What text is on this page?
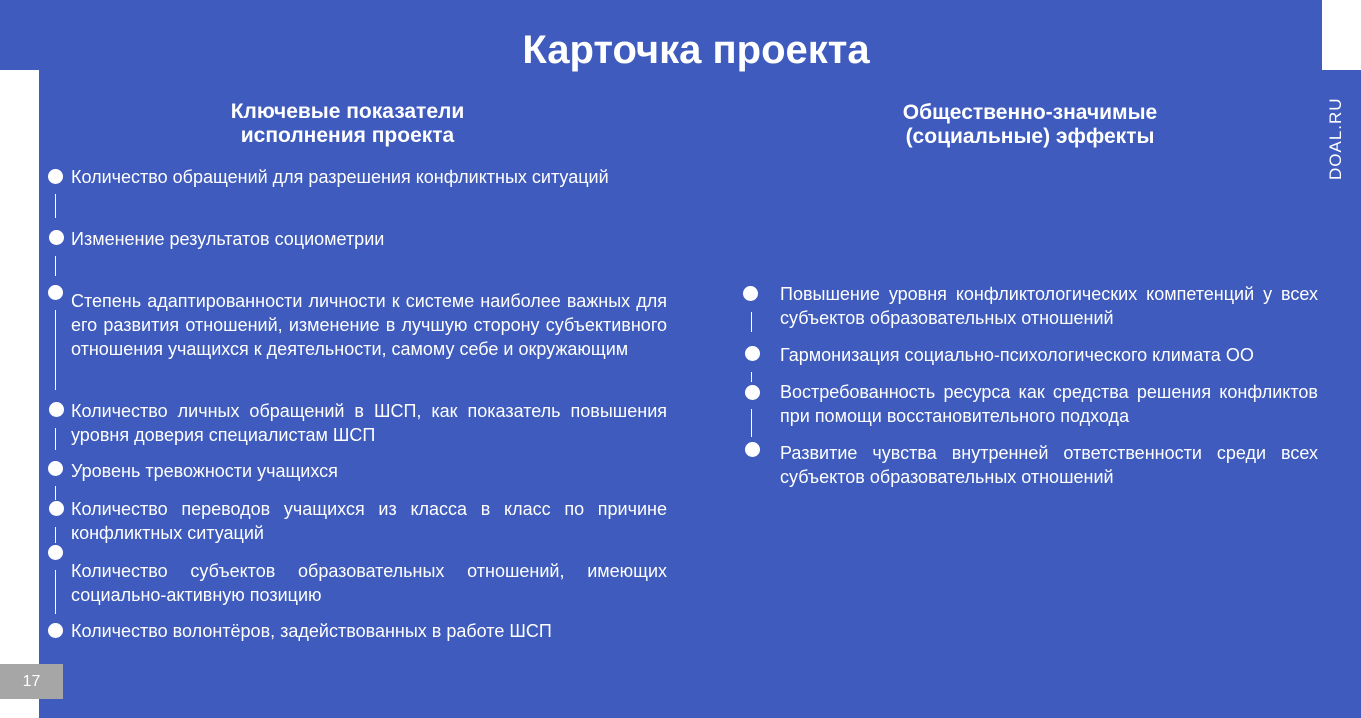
Карточка проекта
DOAL.RU
Ключевые показатели исполнения проекта
Количество обращений для разрешения конфликтных ситуаций
Изменение результатов социометрии
Степень адаптированности личности к системе наиболее важных для его развития отношений, изменение в лучшую сторону субъективного отношения учащихся к деятельности, самому себе и окружающим
Количество личных обращений в ШСП, как показатель повышения уровня доверия специалистам ШСП
Уровень тревожности учащихся
Количество переводов учащихся из класса в класс по причине конфликтных ситуаций
Количество субъектов образовательных отношений, имеющих социально-активную позицию
Количество волонтёров, задействованных в работе ШСП
Общественно-значимые (социальные) эффекты
Повышение уровня конфликтологических компетенций у всех субъектов образовательных отношений
Гармонизация социально-психологического климата ОО
Востребованность ресурса как средства решения конфликтов при помощи восстановительного подхода
Развитие чувства внутренней ответственности среди всех субъектов образовательных отношений
17
